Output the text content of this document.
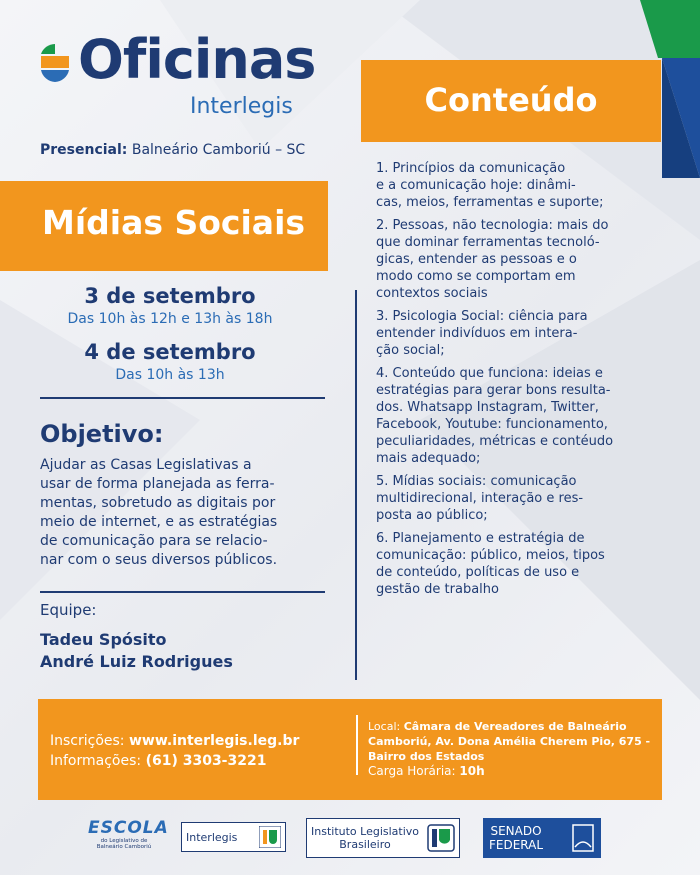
Oficinas
Interlegis
Presencial: Balneário Camboriú – SC
Mídias Sociais
Conteúdo
3 de setembro
Das 10h às 12h e 13h às 18h
4 de setembro
Das 10h às 13h
Objetivo:
Ajudar as Casas Legislativas a
usar de forma planejada as ferra-
mentas, sobretudo as digitais por
meio de internet, e as estratégias
de comunicação para se relacio-
nar com o seus diversos públicos.
Equipe:
Tadeu Spósito
André Luiz Rodrigues
1. Princípios da comunicação
e a comunicação hoje: dinâmi-
cas, meios, ferramentas e suporte;
2. Pessoas, não tecnologia: mais do
que dominar ferramentas tecnoló-
gicas, entender as pessoas e o
modo como se comportam em
contextos sociais
3. Psicologia Social: ciência para
entender indivíduos em intera-
ção social;
4. Conteúdo que funciona: ideias e
estratégias para gerar bons resulta-
dos. Whatsapp Instagram, Twitter,
Facebook, Youtube: funcionamento,
peculiaridades, métricas e contéudo
mais adequado;
5. Mídias sociais: comunicação
multidirecional, interação e res-
posta ao público;
6. Planejamento e estratégia de
comunicação: público, meios, tipos
de conteúdo, políticas de uso e
gestão de trabalho
Inscrições: www.interlegis.leg.br
Informações: (61) 3303-3221
Local: Câmara de Vereadores de Balneário
Camboriú, Av. Dona Amélia Cherem Pio, 675 -
Bairro dos Estados
Carga Horária: 10h
ESCOLA
do Legislativo de
Balneário Camboriú
Interlegis	Instituto Legislativo
Brasileiro
SENADO
FEDERAL
